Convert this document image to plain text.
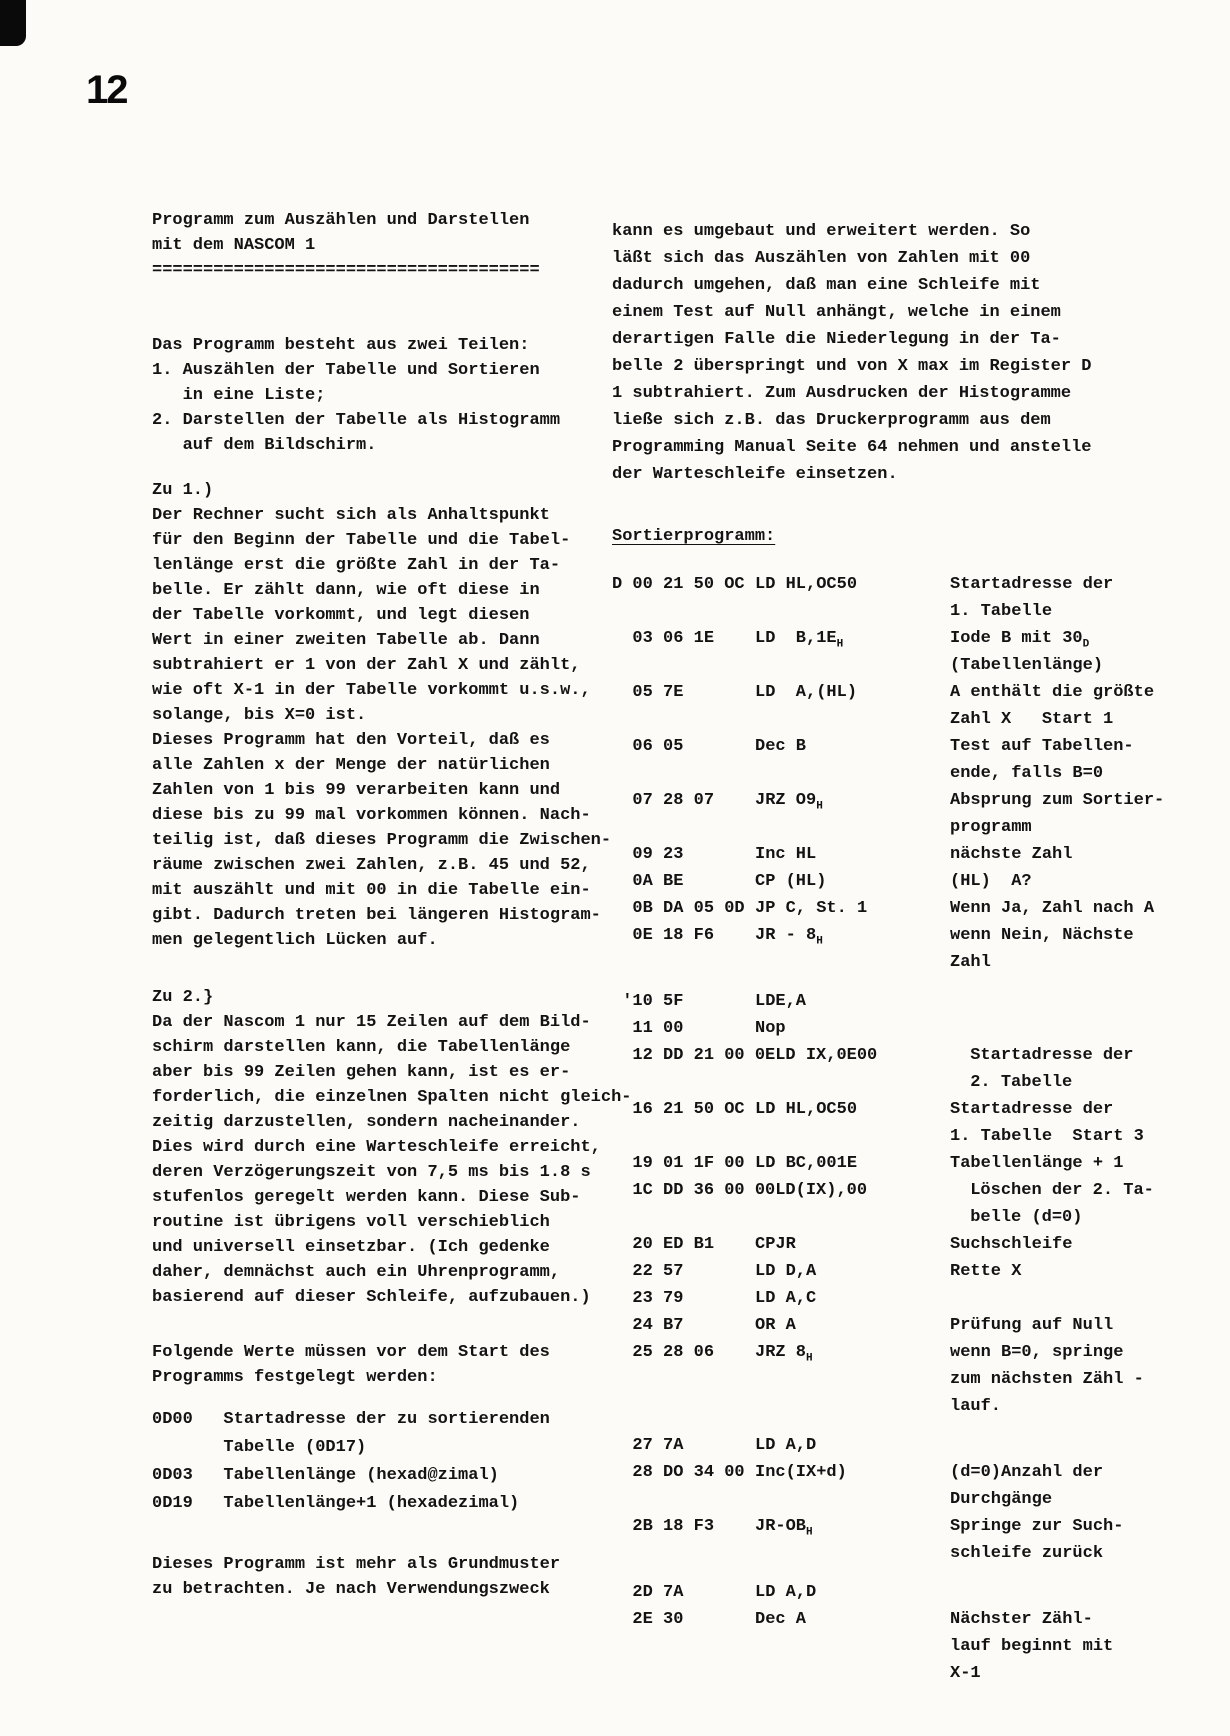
12
Programm zum Auszählen und Darstellen
mit dem NASCOM 1
======================================
Das Programm besteht aus zwei Teilen:
1. Auszählen der Tabelle und Sortieren
in eine Liste;
2. Darstellen der Tabelle als Histogramm
auf dem Bildschirm.
Zu 1.)
Der Rechner sucht sich als Anhaltspunkt
für den Beginn der Tabelle und die Tabel-
lenlänge erst die größte Zahl in der Ta-
belle. Er zählt dann, wie oft diese in
der Tabelle vorkommt, und legt diesen
Wert in einer zweiten Tabelle ab. Dann
subtrahiert er 1 von der Zahl X und zählt,
wie oft X-1 in der Tabelle vorkommt u.s.w.,
solange, bis X=0 ist.
Dieses Programm hat den Vorteil, daß es
alle Zahlen x der Menge der natürlichen
Zahlen von 1 bis 99 verarbeiten kann und
diese bis zu 99 mal vorkommen können. Nach-
teilig ist, daß dieses Programm die Zwischen-
räume zwischen zwei Zahlen, z.B. 45 und 52,
mit auszählt und mit 00 in die Tabelle ein-
gibt. Dadurch treten bei längeren Histogram-
men gelegentlich Lücken auf.
Zu 2.}
Da der Nascom 1 nur 15 Zeilen auf dem Bild-
schirm darstellen kann, die Tabellenlänge
aber bis 99 Zeilen gehen kann, ist es er-
forderlich, die einzelnen Spalten nicht gleich-
zeitig darzustellen, sondern nacheinander.
Dies wird durch eine Warteschleife erreicht,
deren Verzögerungszeit von 7,5 ms bis 1.8 s
stufenlos geregelt werden kann. Diese Sub-
routine ist übrigens voll verschieblich
und universell einsetzbar. (Ich gedenke
daher, demnächst auch ein Uhrenprogramm,
basierend auf dieser Schleife, aufzubauen.)
Folgende Werte müssen vor dem Start des
Programms festgelegt werden:
0D00   Startadresse der zu sortierenden
Tabelle (0D17)
0D03   Tabellenlänge (hexad@zimal)
0D19   Tabellenlänge+1 (hexadezimal)
Dieses Programm ist mehr als Grundmuster
zu betrachten. Je nach Verwendungszweck
kann es umgebaut und erweitert werden. So
läßt sich das Auszählen von Zahlen mit 00
dadurch umgehen, daß man eine Schleife mit
einem Test auf Null anhängt, welche in einem
derartigen Falle die Niederlegung in der Ta-
belle 2 überspringt und von X max im Register D
1 subtrahiert. Zum Ausdrucken der Histogramme
ließe sich z.B. das Druckerprogramm aus dem
Programming Manual Seite 64 nehmen und anstelle
der Warteschleife einsetzen.
Sortierprogramm:
D 00 21 50 OC LD HL,OC50	Startadresse der
1. Tabelle
03 06 1E	LD  $B,1E_H$	Iode B mit $30_D$
(Tabellenlänge)
05 7E	LD  A,(HL)	A enthält die größte
Zahl X   Start 1
06 05	Dec B	Test auf Tabellen-
ende, falls B=0
07 28 07	JRZ $O9_H$	Absprung zum Sortier-
programm
09 23	Inc HL	nächste Zahl
0A BE	CP (HL)	(HL)  A?
0B DA 05 0D JP C, St. 1	Wenn Ja, Zahl nach A
0E 18 F6	JR - $8_H$	wenn Nein, Nächste
Zahl
'10 5F	LDE,A
11 00	Nop
12 DD 21 00 0E LD IX,0E00	Startadresse der
2. Tabelle
16 21 50 OC LD HL,OC50	Startadresse der
1. Tabelle  Start 3
19 01 1F 00 LD BC,001E	Tabellenlänge + 1
1C DD 36 00 00 LD(IX),00	Löschen der 2. Ta-
belle (d=0)
20 ED B1	CPJR	Suchschleife
22 57	LD D,A	Rette X
23 79	LD A,C
24 B7	OR A	Prüfung auf Null
25 28 06	JRZ $8_H$	wenn B=0, springe
zum nächsten Zähl -
lauf.
27 7A	LD A,D
28 DO 34 00 Inc(IX+d)	(d=0)Anzahl der
Durchgänge
2B 18 F3	$JR-OB_H$	Springe zur Such-
schleife zurück
2D 7A	LD A,D
2E 30	Dec A	Nächster Zähl-
lauf beginnt mit
X-1
